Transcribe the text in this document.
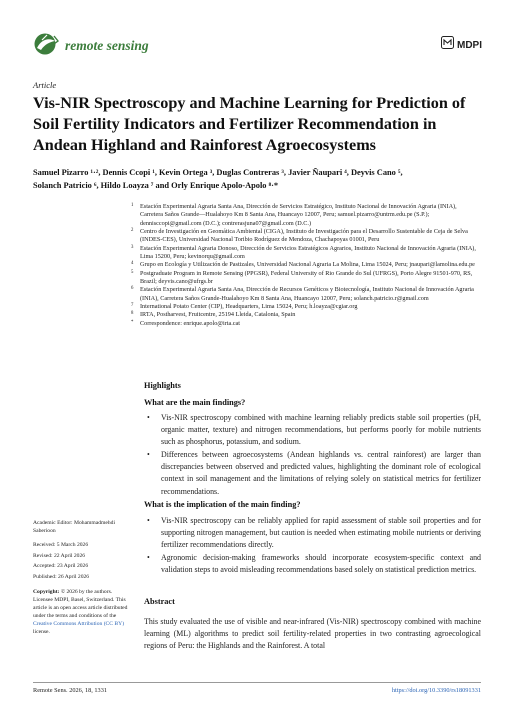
remote sensing	MDPI
Article
Vis-NIR Spectroscopy and Machine Learning for Prediction of Soil Fertility Indicators and Fertilizer Recommendation in Andean Highland and Rainforest Agroecosystems
Samuel Pizarro ¹·², Dennis Ccopi ¹, Kevin Ortega ³, Duglas Contreras ³, Javier Ñaupari ⁴, Deyvis Cano ⁵,
Solanch Patricio ⁶, Hildo Loayza ⁷ and Orly Enrique Apolo-Apolo ⁸·*
1 Estación Experimental Agraria Santa Ana, Dirección de Servicios Estratégico, Instituto Nacional de Innovación Agraria (INIA), Carretera Saños Grande—Hualahoyo Km 8 Santa Ana, Huancayo 12007, Peru; samuel.pizarro@untrm.edu.pe (S.P.); dennisccopi@gmail.com (D.C.); contrerasjuna07@gmail.com (D.C.)
2 Centro de Investigación en Geomática Ambiental (CIGA), Instituto de Investigación para el Desarrollo Sustentable de Ceja de Selva (INDES-CES), Universidad Nacional Toribio Rodríguez de Mendoza, Chachapoyas 01001, Peru
3 Estación Experimental Agraria Donoso, Dirección de Servicios Estratégicos Agrarios, Instituto Nacional de Innovación Agraria (INIA), Lima 15200, Peru; kevinorqu@gmail.com
4 Grupo en Ecología y Utilización de Pastizales, Universidad Nacional Agraria La Molina, Lima 15024, Peru; jnaupari@lamolina.edu.pe
5 Postgraduate Program in Remote Sensing (PPGSR), Federal University of Rio Grande do Sul (UFRGS), Porto Alegre 91501-970, RS, Brazil; deyvis.cano@ufrgs.br
6 Estación Experimental Agraria Santa Ana, Dirección de Recursos Genéticos y Biotecnología, Instituto Nacional de Innovación Agraria (INIA), Carretera Saños Grande-Hualahoyo Km 8 Santa Ana, Huancayo 12007, Peru; solanch.patricio.r@gmail.com
7 International Potato Center (CIP), Headquarters, Lima 15024, Peru; h.loayza@cgiar.org
8 IRTA, Postharvest, Fruitcentre, 25194 Lleida, Catalonia, Spain
* Correspondence: enrique.apolo@irta.cat
Highlights
What are the main findings?
•	Vis-NIR spectroscopy combined with machine learning reliably predicts stable soil properties (pH, organic matter, texture) and nitrogen recommendations, but performs poorly for mobile nutrients such as phosphorus, potassium, and sodium.
•	Differences between agroecosystems (Andean highlands vs. central rainforest) are larger than discrepancies between observed and predicted values, highlighting the dominant role of ecological context in soil management and the limitations of relying solely on statistical metrics for fertilizer recommendations.
What is the implication of the main finding?
•	Vis-NIR spectroscopy can be reliably applied for rapid assessment of stable soil properties and for supporting nitrogen management, but caution is needed when estimating mobile nutrients or deriving fertilizer recommendations directly.
•	Agronomic decision-making frameworks should incorporate ecosystem-specific context and validation steps to avoid misleading recommendations based solely on statistical prediction metrics.
Abstract
This study evaluated the use of visible and near-infrared (Vis-NIR) spectroscopy combined with machine learning (ML) algorithms to predict soil fertility-related properties in two contrasting agroecological regions of Peru: the Highlands and the Rainforest. A total
Academic Editor: Mohammadmehdi Saberioon
Received: 5 March 2026
Revised: 22 April 2026
Accepted: 23 April 2026
Published: 26 April 2026
Copyright: © 2026 by the authors. Licensee MDPI, Basel, Switzerland. This article is an open access article distributed under the terms and conditions of the Creative Commons Attribution (CC BY) license.
Remote Sens. 2026, 18, 1331	https://doi.org/10.3390/rs18091331
